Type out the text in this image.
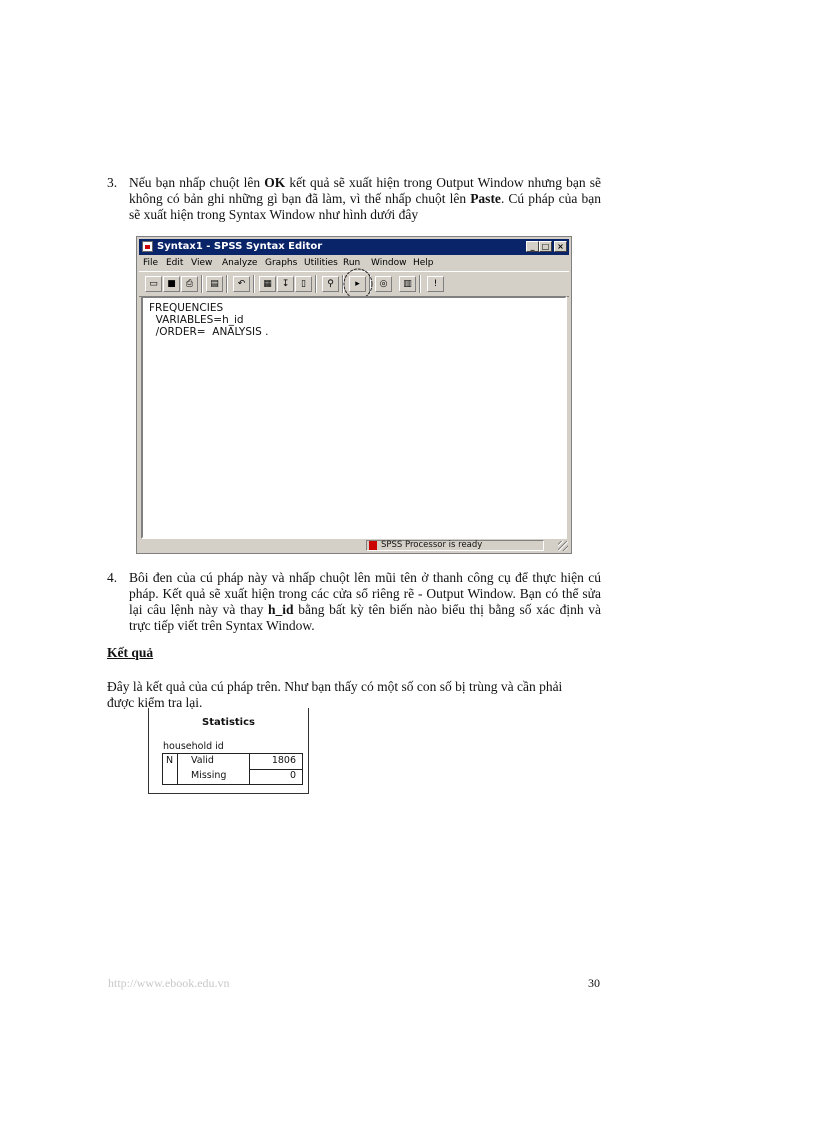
3. Nếu bạn nhấp chuột lên OK kết quả sẽ xuất hiện trong Output Window nhưng bạn sẽ không có bản ghi những gì bạn đã làm, vì thế nhấp chuột lên Paste. Cú pháp của bạn sẽ xuất hiện trong Syntax Window như hình dưới đây
Syntax1 - SPSS Syntax Editor	_ □ ×
File Edit View Analyze Graphs Utilities Run Window Help
▭	■	⎙	▤	↶	▦	↧	▯	⚲	▸	◎	▥	!
FREQUENCIES
VARIABLES=h_id
/ORDER=  ANALYSIS .
SPSS Processor is ready
4. Bôi đen của cú pháp này và nhấp chuột lên mũi tên ở thanh công cụ để thực hiện cú pháp. Kết quả sẽ xuất hiện trong các cửa sổ riêng rẽ - Output Window. Bạn có thể sửa lại câu lệnh này và thay h_id bằng bất kỳ tên biến nào biểu thị bằng số xác định và trực tiếp viết trên Syntax Window.
Kết quả
Đây là kết quả của cú pháp trên. Như bạn thấy có một số con số bị trùng và cần phải được kiểm tra lại.
Statistics
household id
N Valid	1806
Missing	0
http://www.ebook.edu.vn	30
